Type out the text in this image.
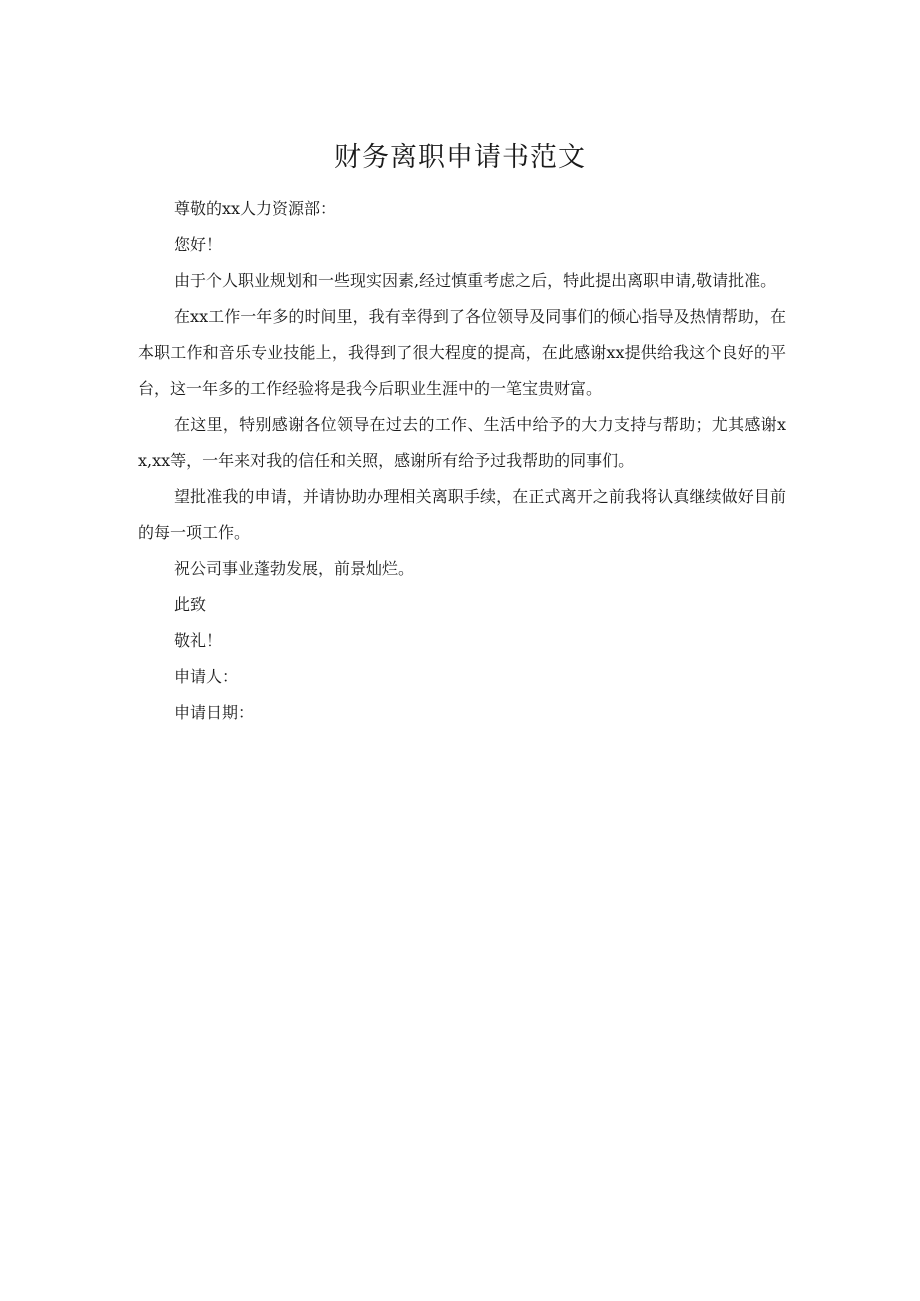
财务离职申请书范文

尊敬的xx人力资源部：

您好！

由于个人职业规划和一些现实因素,经过慎重考虑之后，特此提出离职申请,敬请批准。

在xx工作一年多的时间里，我有幸得到了各位领导及同事们的倾心指导及热情帮助，在本职工作和音乐专业技能上，我得到了很大程度的提高，在此感谢xx提供给我这个良好的平台，这一年多的工作经验将是我今后职业生涯中的一笔宝贵财富。

在这里，特别感谢各位领导在过去的工作、生活中给予的大力支持与帮助；尤其感谢xx,xx等，一年来对我的信任和关照，感谢所有给予过我帮助的同事们。

望批准我的申请，并请协助办理相关离职手续，在正式离开之前我将认真继续做好目前的每一项工作。

祝公司事业蓬勃发展，前景灿烂。

此致

敬礼！

申请人：

申请日期：
